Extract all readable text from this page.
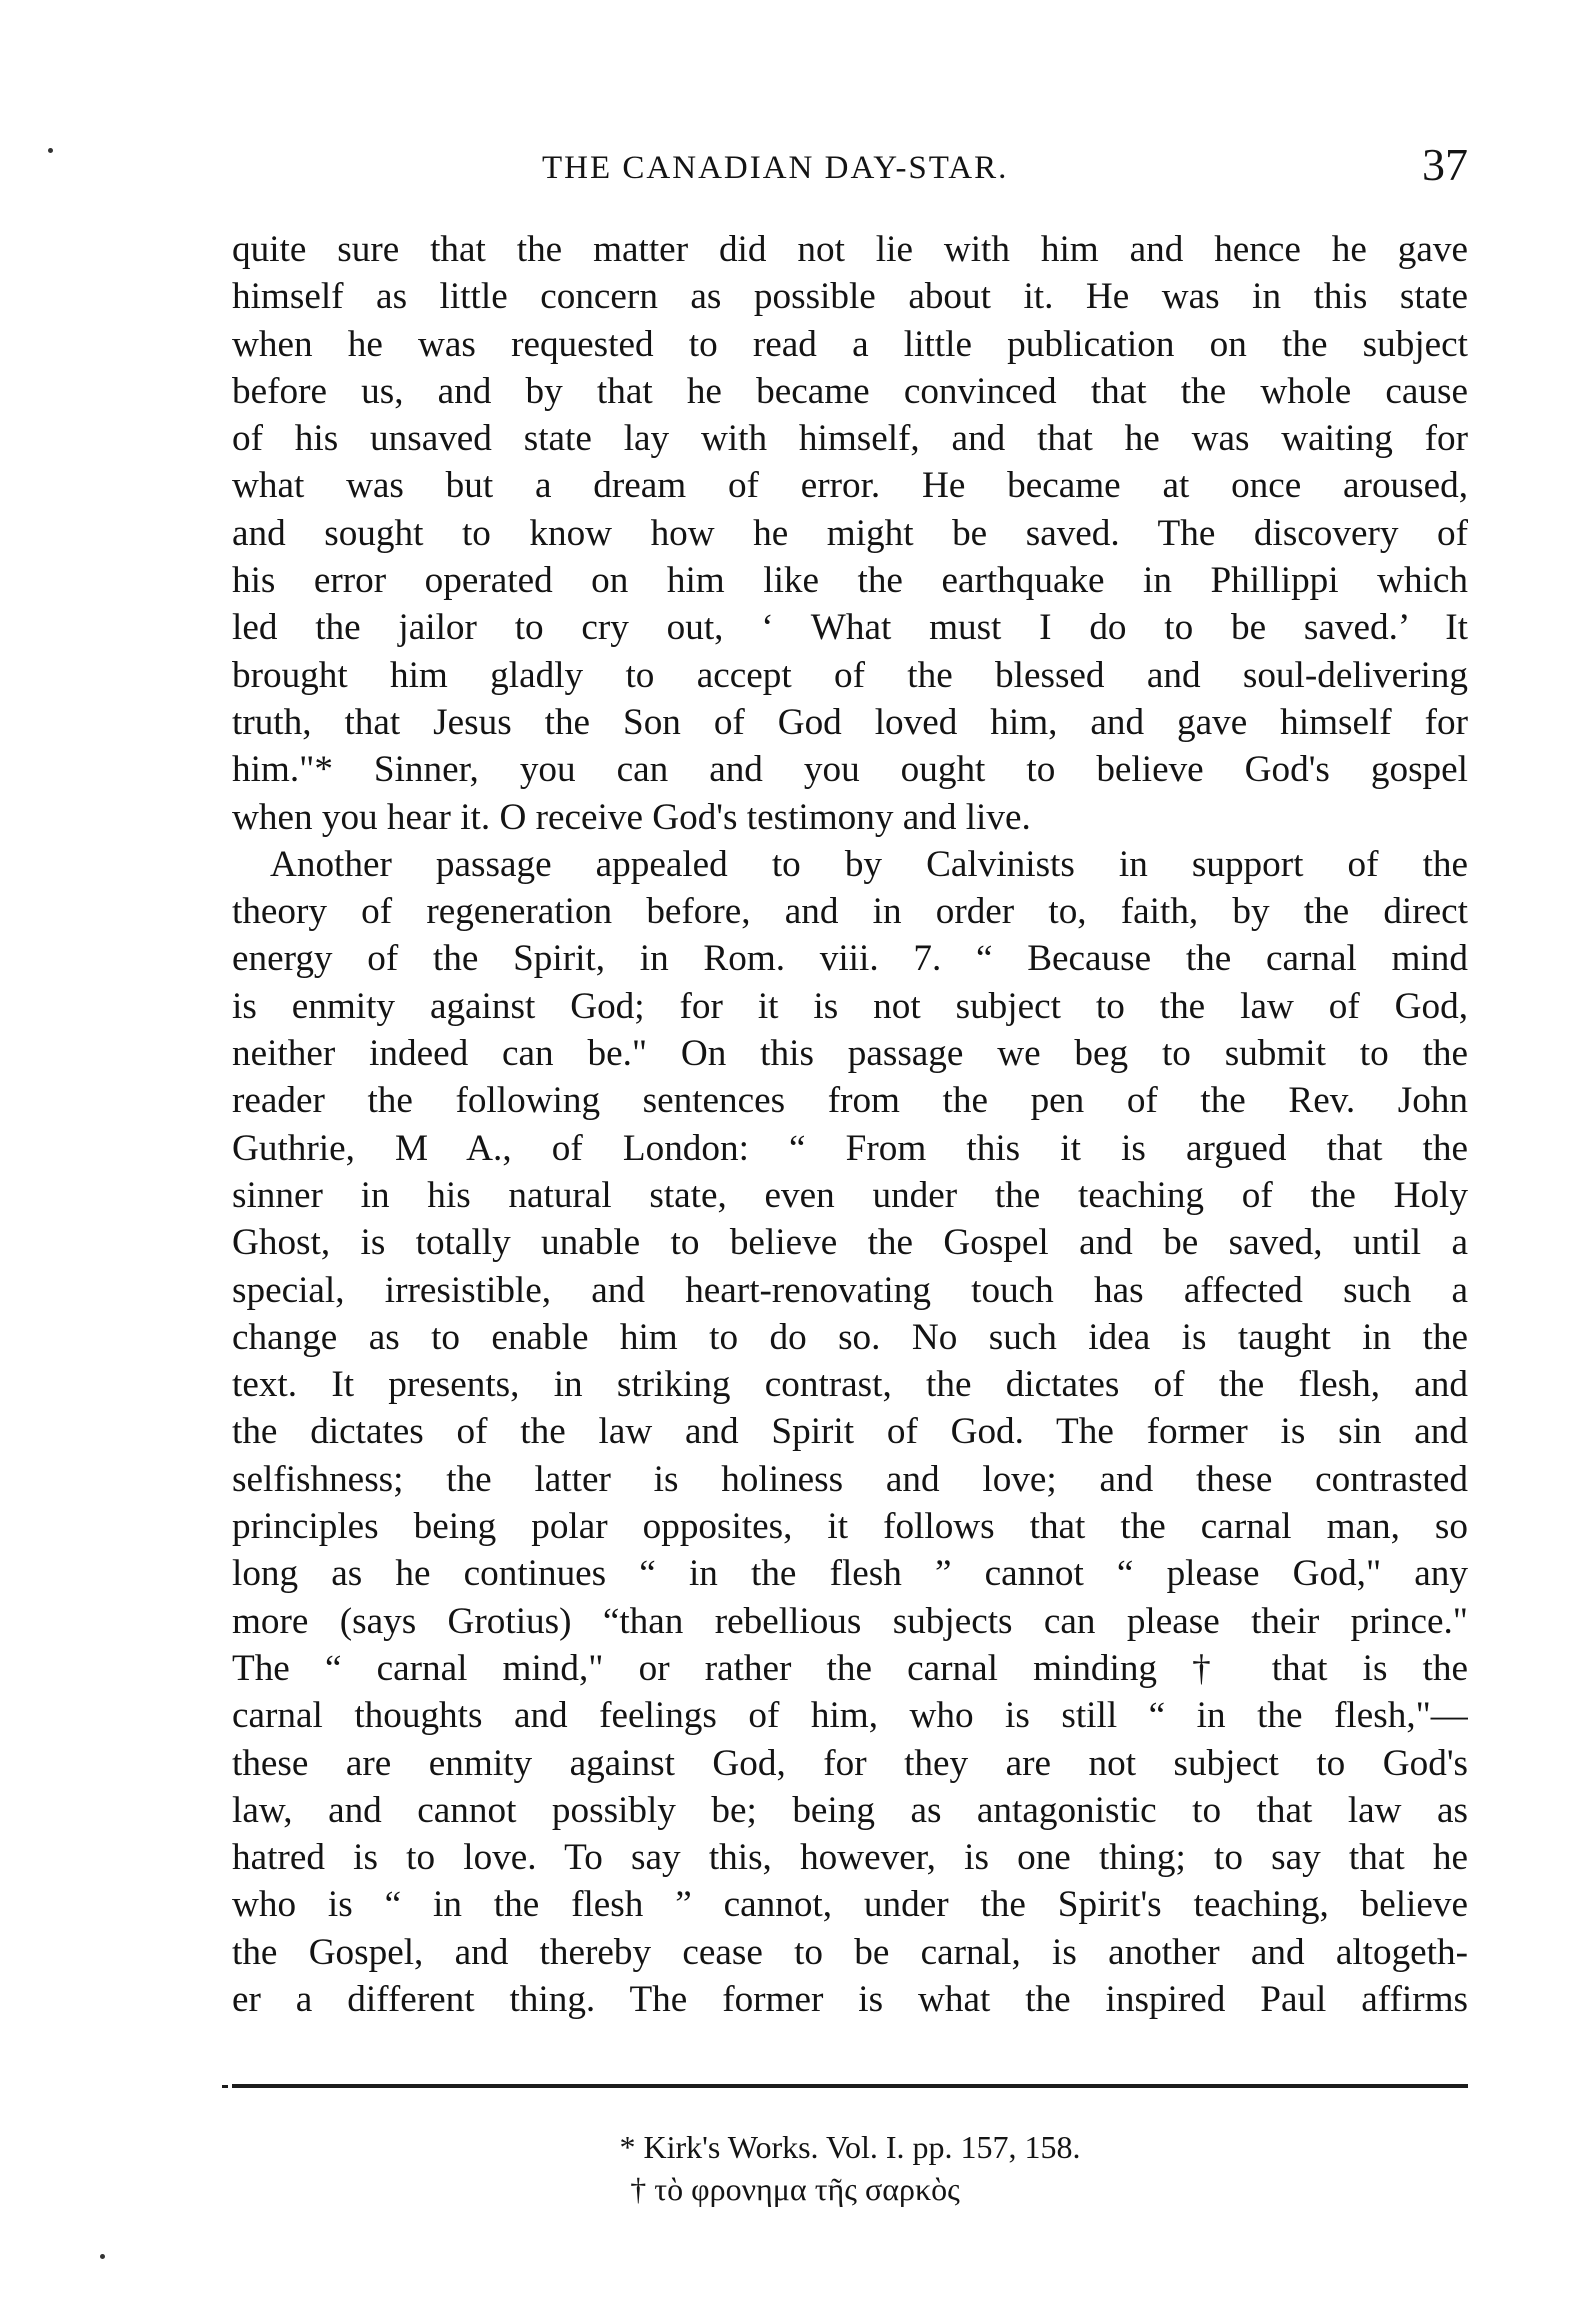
THE CANADIAN DAY-STAR.	37
quite sure that the matter did not lie with him and hence he gave
himself as little concern as possible about it. He was in this state
when he was requested to read a little publication on the subject
before us, and by that he became convinced that the whole cause
of his unsaved state lay with himself, and that he was waiting for
what was but a dream of error. He became at once aroused,
and sought to know how he might be saved. The discovery of
his error operated on him like the earthquake in Phillippi which
led the jailor to cry out, ‘ What must I do to be saved.’ It
brought him gladly to accept of the blessed and soul-delivering
truth, that Jesus the Son of God loved him, and gave himself for
him."* Sinner, you can and you ought to believe God's gospel
when you hear it. O receive God's testimony and live.
Another passage appealed to by Calvinists in support of the
theory of regeneration before, and in order to, faith, by the direct
energy of the Spirit, in Rom. viii. 7. “ Because the carnal mind
is enmity against God; for it is not subject to the law of God,
neither indeed can be." On this passage we beg to submit to the
reader the following sentences from the pen of the Rev. John
Guthrie, M A., of London: “ From this it is argued that the
sinner in his natural state, even under the teaching of the Holy
Ghost, is totally unable to believe the Gospel and be saved, until a
special, irresistible, and heart-renovating touch has affected such a
change as to enable him to do so. No such idea is taught in the
text. It presents, in striking contrast, the dictates of the flesh, and
the dictates of the law and Spirit of God. The former is sin and
selfishness; the latter is holiness and love; and these contrasted
principles being polar opposites, it follows that the carnal man, so
long as he continues “ in the flesh ” cannot “ please God," any
more (says Grotius) “than rebellious subjects can please their prince."
The “ carnal mind," or rather the carnal minding † that is the
carnal thoughts and feelings of him, who is still “ in the flesh,"—
these are enmity against God, for they are not subject to God's
law, and cannot possibly be; being as antagonistic to that law as
hatred is to love. To say this, however, is one thing; to say that he
who is “ in the flesh ” cannot, under the Spirit's teaching, believe
the Gospel, and thereby cease to be carnal, is another and altogeth-
er a different thing. The former is what the inspired Paul affirms
* Kirk's Works. Vol. I. pp. 157, 158.
† τὸ φρονημα τῆς σαρκὸς
